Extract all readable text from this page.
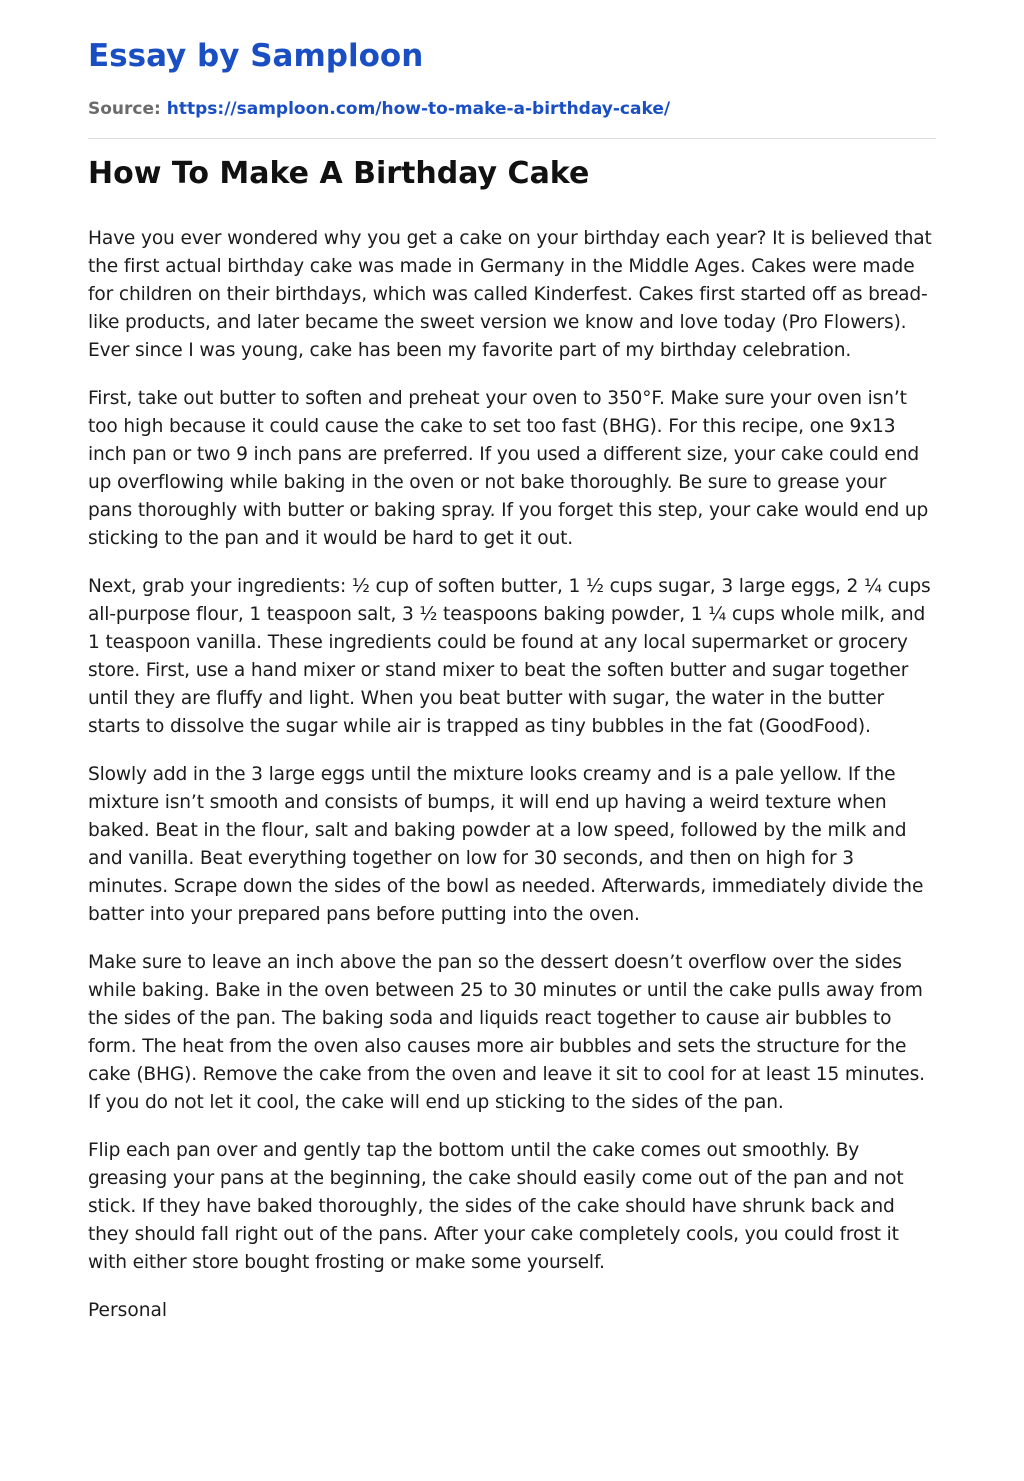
Essay by Samploon
Source: https://samploon.com/how-to-make-a-birthday-cake/
How To Make A Birthday Cake

Have you ever wondered why you get a cake on your birthday each year? It is believed that the first actual birthday cake was made in Germany in the Middle Ages. Cakes were made for children on their birthdays, which was called Kinderfest. Cakes first started off as bread-like products, and later became the sweet version we know and love today (Pro Flowers). Ever since I was young, cake has been my favorite part of my birthday celebration.

First, take out butter to soften and preheat your oven to 350°F. Make sure your oven isn’t too high because it could cause the cake to set too fast (BHG). For this recipe, one 9x13 inch pan or two 9 inch pans are preferred. If you used a different size, your cake could end up overflowing while baking in the oven or not bake thoroughly. Be sure to grease your pans thoroughly with butter or baking spray. If you forget this step, your cake would end up sticking to the pan and it would be hard to get it out.

Next, grab your ingredients: ½ cup of soften butter, 1 ½ cups sugar, 3 large eggs, 2 ¼ cups all-purpose flour, 1 teaspoon salt, 3 ½ teaspoons baking powder, 1 ¼ cups whole milk, and 1 teaspoon vanilla. These ingredients could be found at any local supermarket or grocery store. First, use a hand mixer or stand mixer to beat the soften butter and sugar together until they are fluffy and light. When you beat butter with sugar, the water in the butter starts to dissolve the sugar while air is trapped as tiny bubbles in the fat (GoodFood).

Slowly add in the 3 large eggs until the mixture looks creamy and is a pale yellow. If the mixture isn’t smooth and consists of bumps, it will end up having a weird texture when baked. Beat in the flour, salt and baking powder at a low speed, followed by the milk and and vanilla. Beat everything together on low for 30 seconds, and then on high for 3 minutes. Scrape down the sides of the bowl as needed. Afterwards, immediately divide the batter into your prepared pans before putting into the oven.

Make sure to leave an inch above the pan so the dessert doesn’t overflow over the sides while baking. Bake in the oven between 25 to 30 minutes or until the cake pulls away from the sides of the pan. The baking soda and liquids react together to cause air bubbles to form. The heat from the oven also causes more air bubbles and sets the structure for the cake (BHG). Remove the cake from the oven and leave it sit to cool for at least 15 minutes. If you do not let it cool, the cake will end up sticking to the sides of the pan.

Flip each pan over and gently tap the bottom until the cake comes out smoothly. By greasing your pans at the beginning, the cake should easily come out of the pan and not stick. If they have baked thoroughly, the sides of the cake should have shrunk back and they should fall right out of the pans. After your cake completely cools, you could frost it with either store bought frosting or make some yourself.

Personal
